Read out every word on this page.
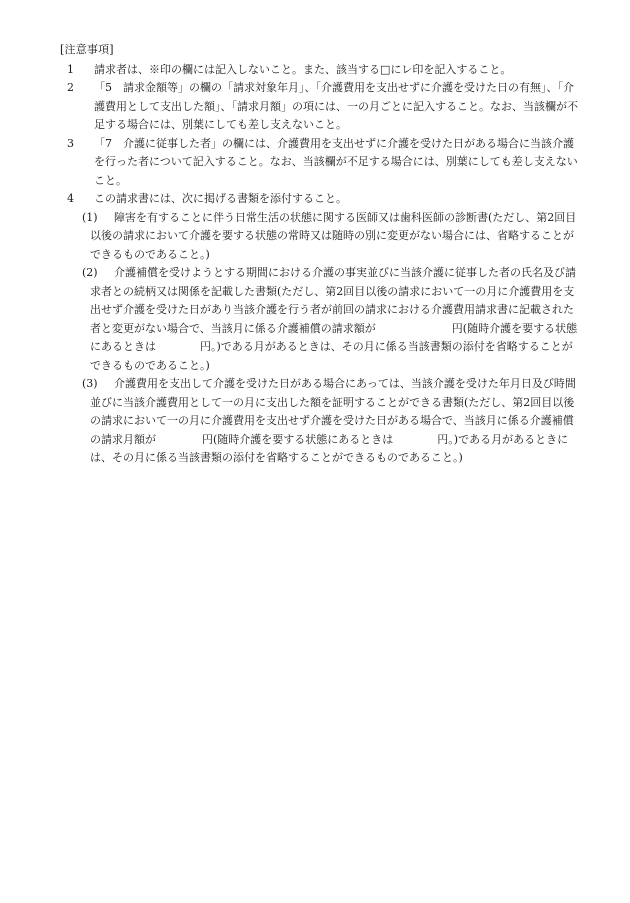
[注意事項]
1	請求者は、※印の欄には記入しないこと。また、該当する□にレ印を記入すること。
2	「5　請求金額等」の欄の「請求対象年月」、「介護費用を支出せずに介護を受けた日の有無」、「介護費用として支出した額」、「請求月額」の項には、一の月ごとに記入すること。なお、当該欄が不足する場合には、別葉にしても差し支えないこと。
3	「7　介護に従事した者」の欄には、介護費用を支出せずに介護を受けた日がある場合に当該介護を行った者について記入すること。なお、当該欄が不足する場合には、別葉にしても差し支えないこと。
4	この請求書には、次に掲げる書類を添付すること。
(1)	障害を有することに伴う日常生活の状態に関する医師又は歯科医師の診断書(ただし、第2回目以後の請求において介護を要する状態の常時又は随時の別に変更がない場合には、省略することができるものであること。)
(2)	介護補償を受けようとする期間における介護の事実並びに当該介護に従事した者の氏名及び請求者との続柄又は関係を記載した書類(ただし、第2回目以後の請求において一の月に介護費用を支出せず介護を受けた日があり当該介護を行う者が前回の請求における介護費用請求書に記載された者と変更がない場合で、当該月に係る介護補償の請求額が	円(随時介護を要する状態にあるときは	円。)である月があるときは、その月に係る当該書類の添付を省略することができるものであること。)
(3)	介護費用を支出して介護を受けた日がある場合にあっては、当該介護を受けた年月日及び時間並びに当該介護費用として一の月に支出した額を証明することができる書類(ただし、第2回目以後の請求において一の月に介護費用を支出せず介護を受けた日がある場合で、当該月に係る介護補償の請求月額が	円(随時介護を要する状態にあるときは	円。)である月があるときには、その月に係る当該書類の添付を省略することができるものであること。)
